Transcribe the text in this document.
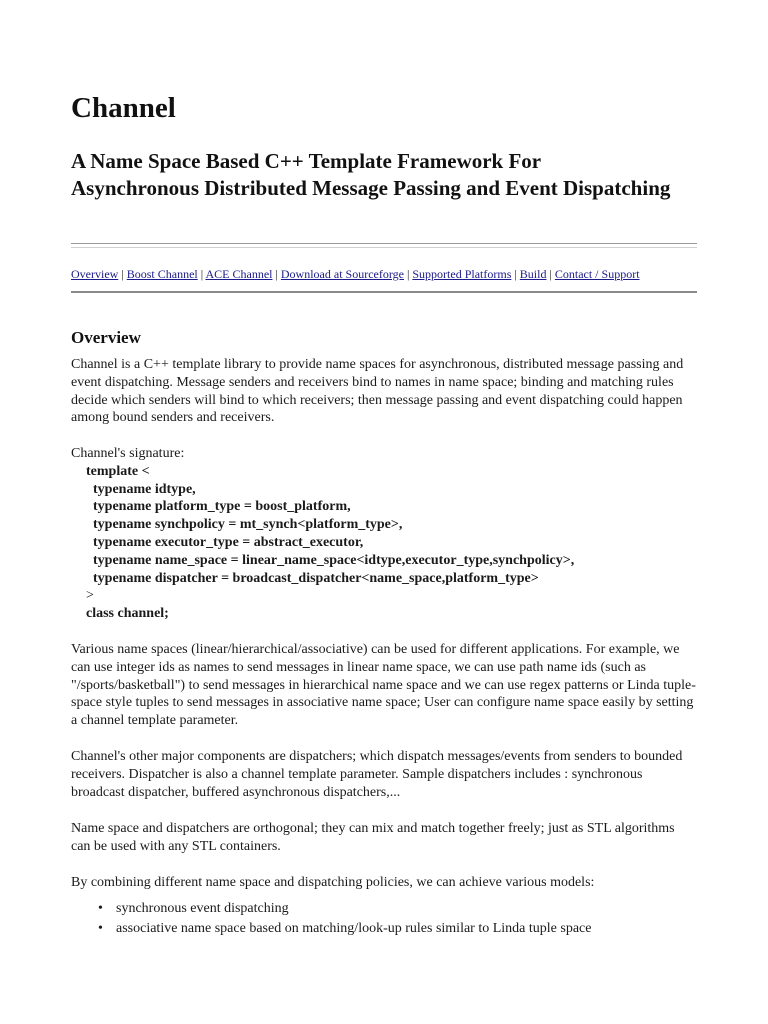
Channel
A Name Space Based C++ Template Framework For Asynchronous Distributed Message Passing and Event Dispatching
Overview | Boost Channel | ACE Channel | Download at Sourceforge | Supported Platforms | Build | Contact / Support
Overview

Channel is a C++ template library to provide name spaces for asynchronous, distributed message passing and event dispatching. Message senders and receivers bind to names in name space; binding and matching rules decide which senders will bind to which receivers; then message passing and event dispatching could happen among bound senders and receivers.

Channel's signature:
template <
typename idtype,
typename platform_type = boost_platform,
typename synchpolicy = mt_synch<platform_type>,
typename executor_type = abstract_executor,
typename name_space = linear_name_space<idtype,executor_type,synchpolicy>,
typename dispatcher = broadcast_dispatcher<name_space,platform_type>
>
class channel;

Various name spaces (linear/hierarchical/associative) can be used for different applications. For example, we can use integer ids as names to send messages in linear name space, we can use path name ids (such as "/sports/basketball") to send messages in hierarchical name space and we can use regex patterns or Linda tuple-space style tuples to send messages in associative name space; User can configure name space easily by setting a channel template parameter.

Channel's other major components are dispatchers; which dispatch messages/events from senders to bounded receivers. Dispatcher is also a channel template parameter. Sample dispatchers includes : synchronous broadcast dispatcher, buffered asynchronous dispatchers,...

Name space and dispatchers are orthogonal; they can mix and match together freely; just as STL algorithms can be used with any STL containers.

By combining different name space and dispatching policies, we can achieve various models:

• synchronous event dispatching
• associative name space based on matching/look-up rules similar to Linda tuple space
